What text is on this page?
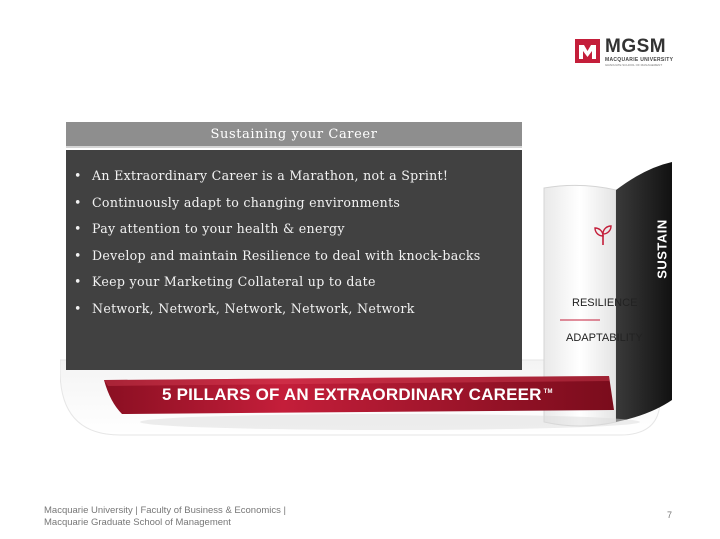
MGSM
MACQUARIE UNIVERSITY
GRADUATE SCHOOL OF MANAGEMENT
RESILIENCE
ADAPTABILITY
SUSTAIN
5 PILLARS OF AN EXTRAORDINARY CAREER ™
Sustaining your Career
• An Extraordinary Career is a Marathon, not a Sprint!
• Continuously adapt to changing environments
• Pay attention to your health & energy
• Develop and maintain Resilience to deal with knock-backs
• Keep your Marketing Collateral up to date
• Network, Network, Network, Network, Network
Macquarie University | Faculty of Business & Economics |
Macquarie Graduate School of Management
7
